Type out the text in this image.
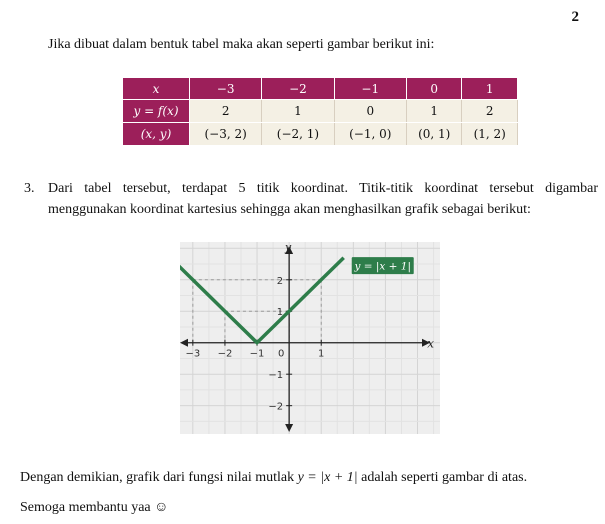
2
Jika dibuat dalam bentuk tabel maka akan seperti gambar berikut ini:
x	−3	−2	−1	0	1
y = f(x)	2	1	0	1	2
(x, y)	(−3, 2)	(−2, 1)	(−1, 0)	(0, 1)	(1, 2)
3. Dari tabel tersebut, terdapat 5 titik koordinat. Titik-titik koordinat tersebut digambar menggunakan koordinat kartesius sehingga akan menghasilkan grafik sebagai berikut:
x
y
−3 −2 −1 0	1
2
1
−1
−2
y = |x + 1|
Dengan demikian, grafik dari fungsi nilai mutlak y = |x + 1| adalah seperti gambar di atas.
Semoga membantu yaa ☺
